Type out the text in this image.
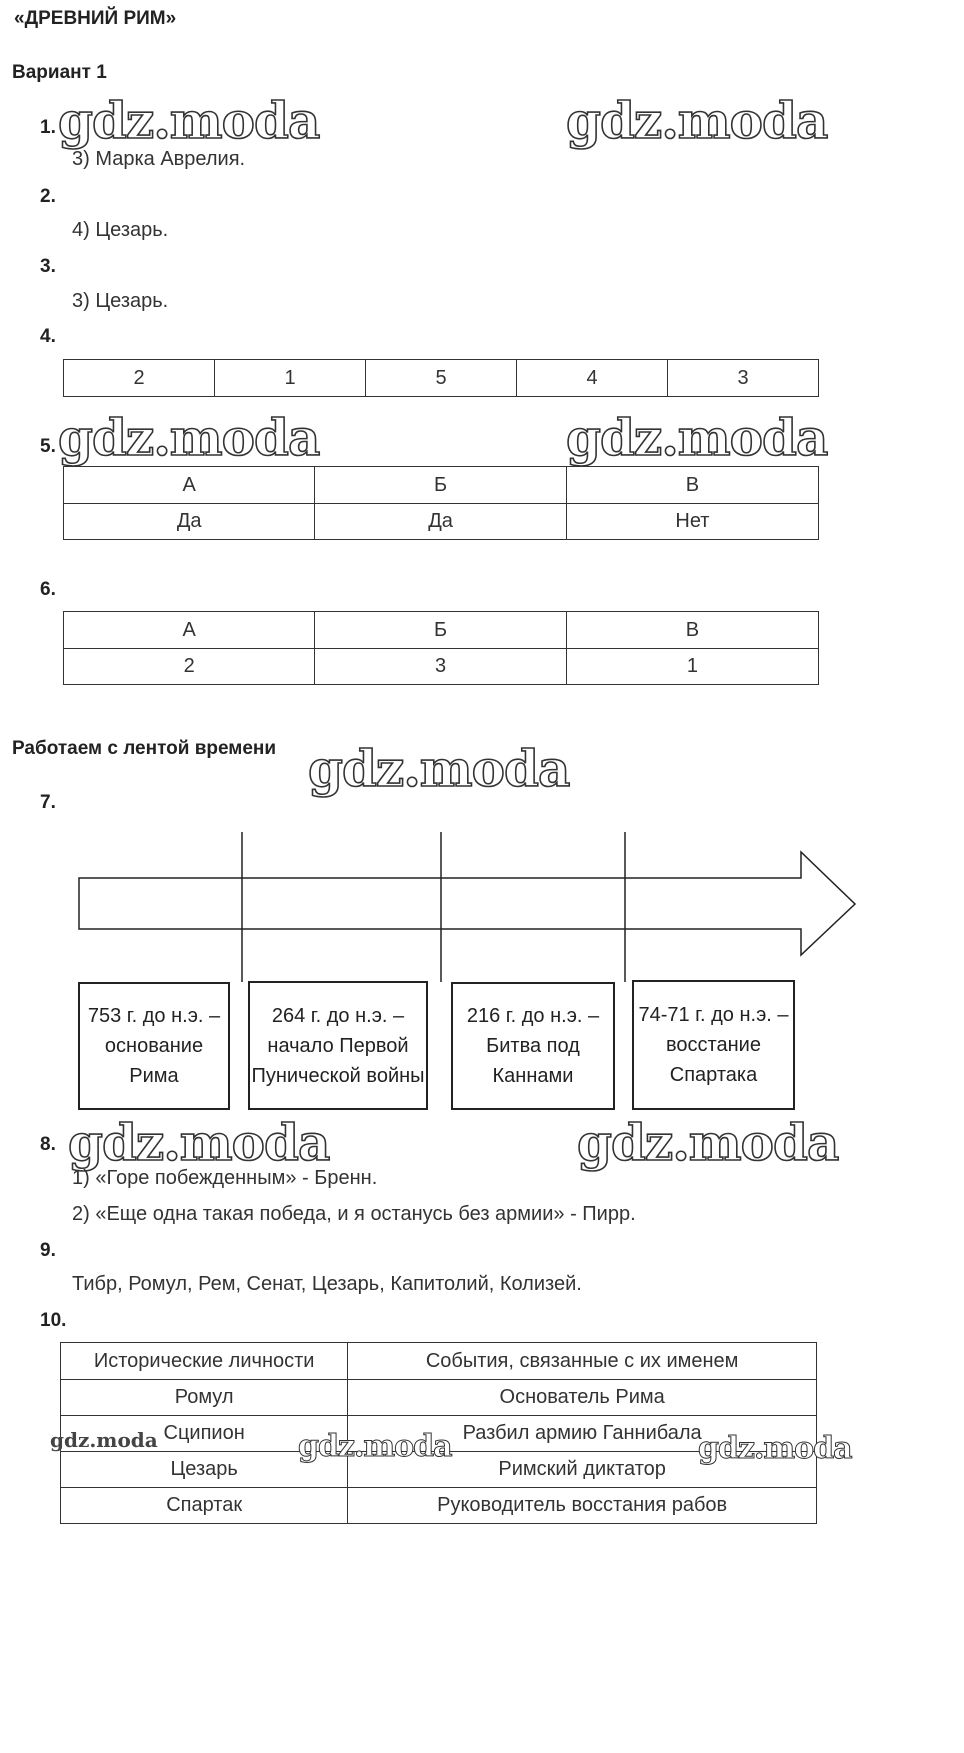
«ДРЕВНИЙ РИМ»
Вариант 1
gdz.moda	gdz.moda
gdz.moda	gdz.moda
gdz.moda
gdz.moda	gdz.moda
1.
3) Марка Аврелия.
2.
4) Цезарь.
3.
3) Цезарь.
4.
2	1	5	4	3
5.
А	Б	В
Да	Да	Нет
6.
А	Б	В
2	3	1
Работаем с лентой времени
7.
753 г. до н.э. – основание Рима
264 г. до н.э. – начало Первой Пунической войны
216 г. до н.э. – Битва под Каннами
74-71 г. до н.э. – восстание Спартака
8.
1) «Горе побежденным» - Бренн.
2) «Еще одна такая победа, и я останусь без армии» - Пирр.
9.
Тибр, Ромул, Рем, Сенат, Цезарь, Капитолий, Колизей.
10.
Исторические личности	События, связанные с их именем
Ромул	Основатель Рима
Сципион	Разбил армию Ганнибала
Цезарь	Римский диктатор
Спартак	Руководитель восстания рабов
gdz.moda	gdz.moda	gdz.moda
